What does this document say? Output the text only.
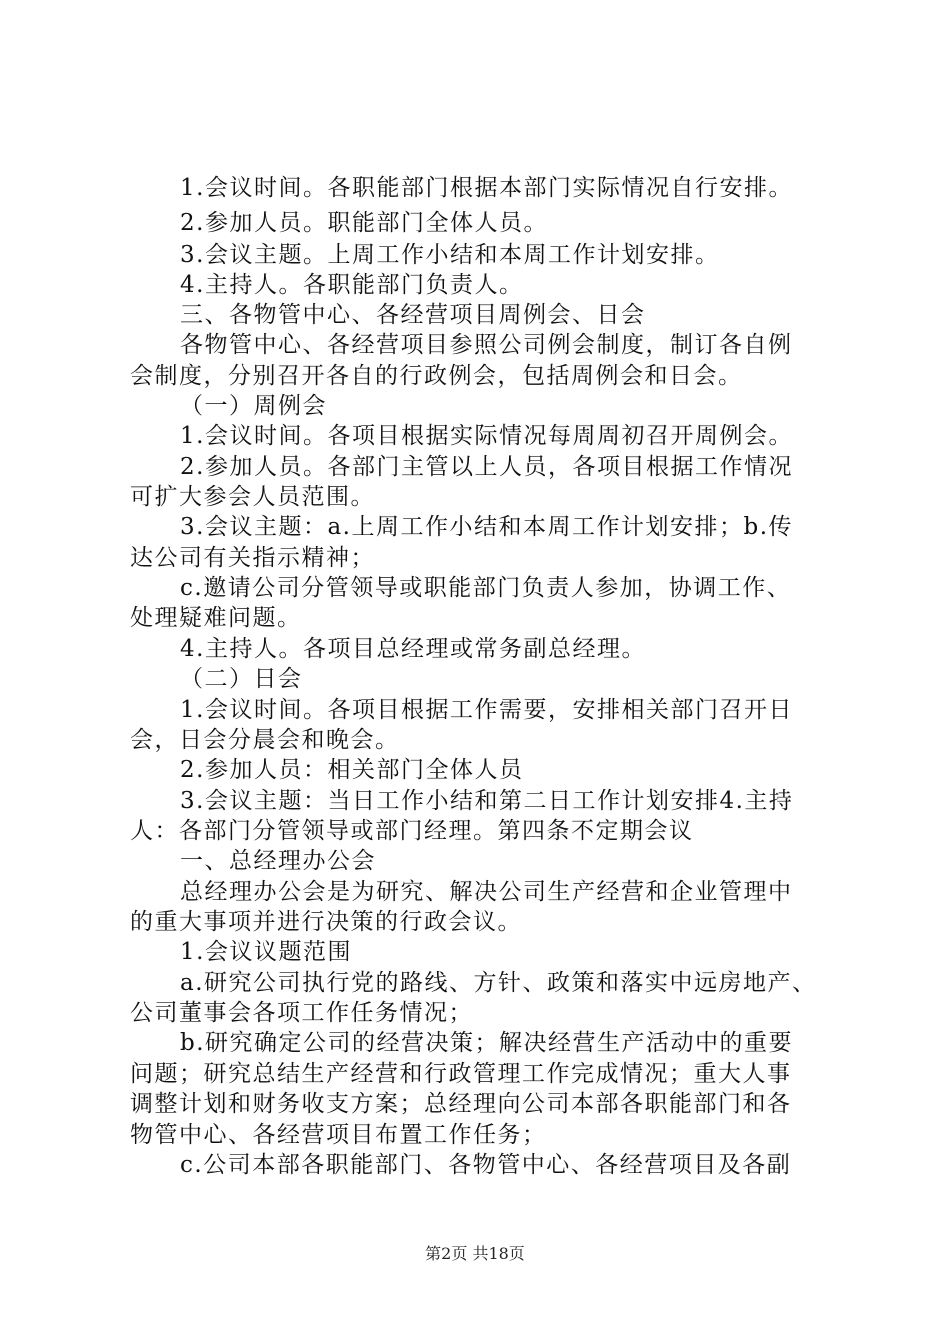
1.会议时间。各职能部门根据本部门实际情况自行安排。
2.参加人员。职能部门全体人员。
3.会议主题。上周工作小结和本周工作计划安排。
4.主持人。各职能部门负责人。
三、各物管中心、各经营项目周例会、日会
各物管中心、各经营项目参照公司例会制度，制订各自例
会制度，分别召开各自的行政例会，包括周例会和日会。
（一）周例会
1.会议时间。各项目根据实际情况每周周初召开周例会。
2.参加人员。各部门主管以上人员，各项目根据工作情况
可扩大参会人员范围。
3.会议主题：a.上周工作小结和本周工作计划安排；b.传
达公司有关指示精神；
c.邀请公司分管领导或职能部门负责人参加，协调工作、
处理疑难问题。
4.主持人。各项目总经理或常务副总经理。
（二）日会
1.会议时间。各项目根据工作需要，安排相关部门召开日
会，日会分晨会和晚会。
2.参加人员：相关部门全体人员
3.会议主题：当日工作小结和第二日工作计划安排4.主持
人：各部门分管领导或部门经理。第四条不定期会议
一、总经理办公会
总经理办公会是为研究、解决公司生产经营和企业管理中
的重大事项并进行决策的行政会议。
1.会议议题范围
a.研究公司执行党的路线、方针、政策和落实中远房地产、
公司董事会各项工作任务情况；
b.研究确定公司的经营决策；解决经营生产活动中的重要
问题；研究总结生产经营和行政管理工作完成情况；重大人事
调整计划和财务收支方案；总经理向公司本部各职能部门和各
物管中心、各经营项目布置工作任务；
c.公司本部各职能部门、各物管中心、各经营项目及各副
第2页 共18页
